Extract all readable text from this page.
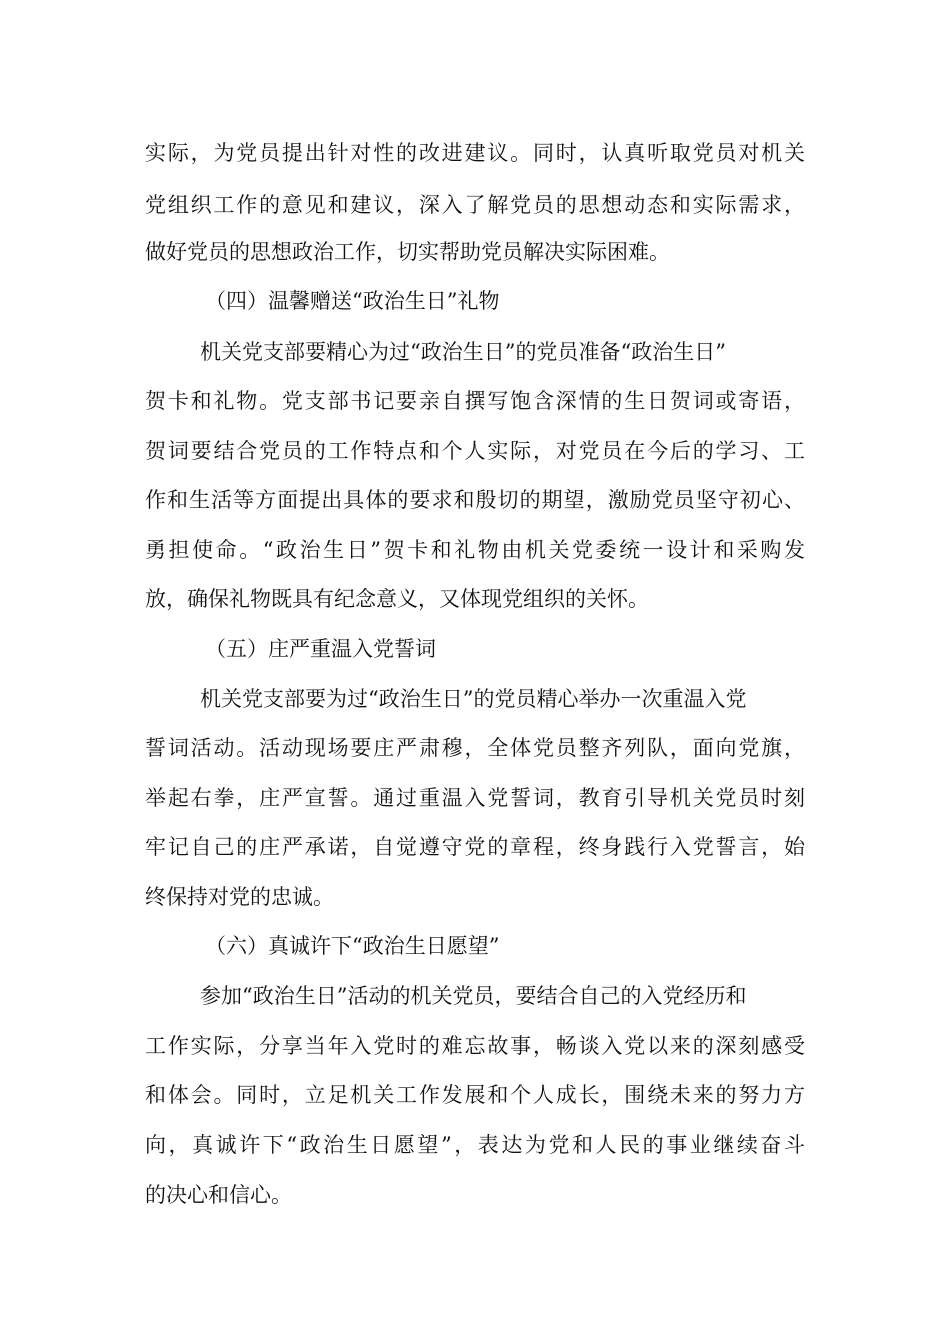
实际，为党员提出针对性的改进建议。同时，认真听取党员对机关
党组织工作的意见和建议，深入了解党员的思想动态和实际需求，
做好党员的思想政治工作，切实帮助党员解决实际困难。
（四）温馨赠送“政治生日”礼物
机关党支部要精心为过“政治生日”的党员准备“政治生日”
贺卡和礼物。党支部书记要亲自撰写饱含深情的生日贺词或寄语，
贺词要结合党员的工作特点和个人实际，对党员在今后的学习、工
作和生活等方面提出具体的要求和殷切的期望，激励党员坚守初心、
勇担使命。“政治生日”贺卡和礼物由机关党委统一设计和采购发
放，确保礼物既具有纪念意义，又体现党组织的关怀。
（五）庄严重温入党誓词
机关党支部要为过“政治生日”的党员精心举办一次重温入党
誓词活动。活动现场要庄严肃穆，全体党员整齐列队，面向党旗，
举起右拳，庄严宣誓。通过重温入党誓词，教育引导机关党员时刻
牢记自己的庄严承诺，自觉遵守党的章程，终身践行入党誓言，始
终保持对党的忠诚。
（六）真诚许下“政治生日愿望”
参加“政治生日”活动的机关党员，要结合自己的入党经历和
工作实际，分享当年入党时的难忘故事，畅谈入党以来的深刻感受
和体会。同时，立足机关工作发展和个人成长，围绕未来的努力方
向，真诚许下“政治生日愿望”，表达为党和人民的事业继续奋斗
的决心和信心。
